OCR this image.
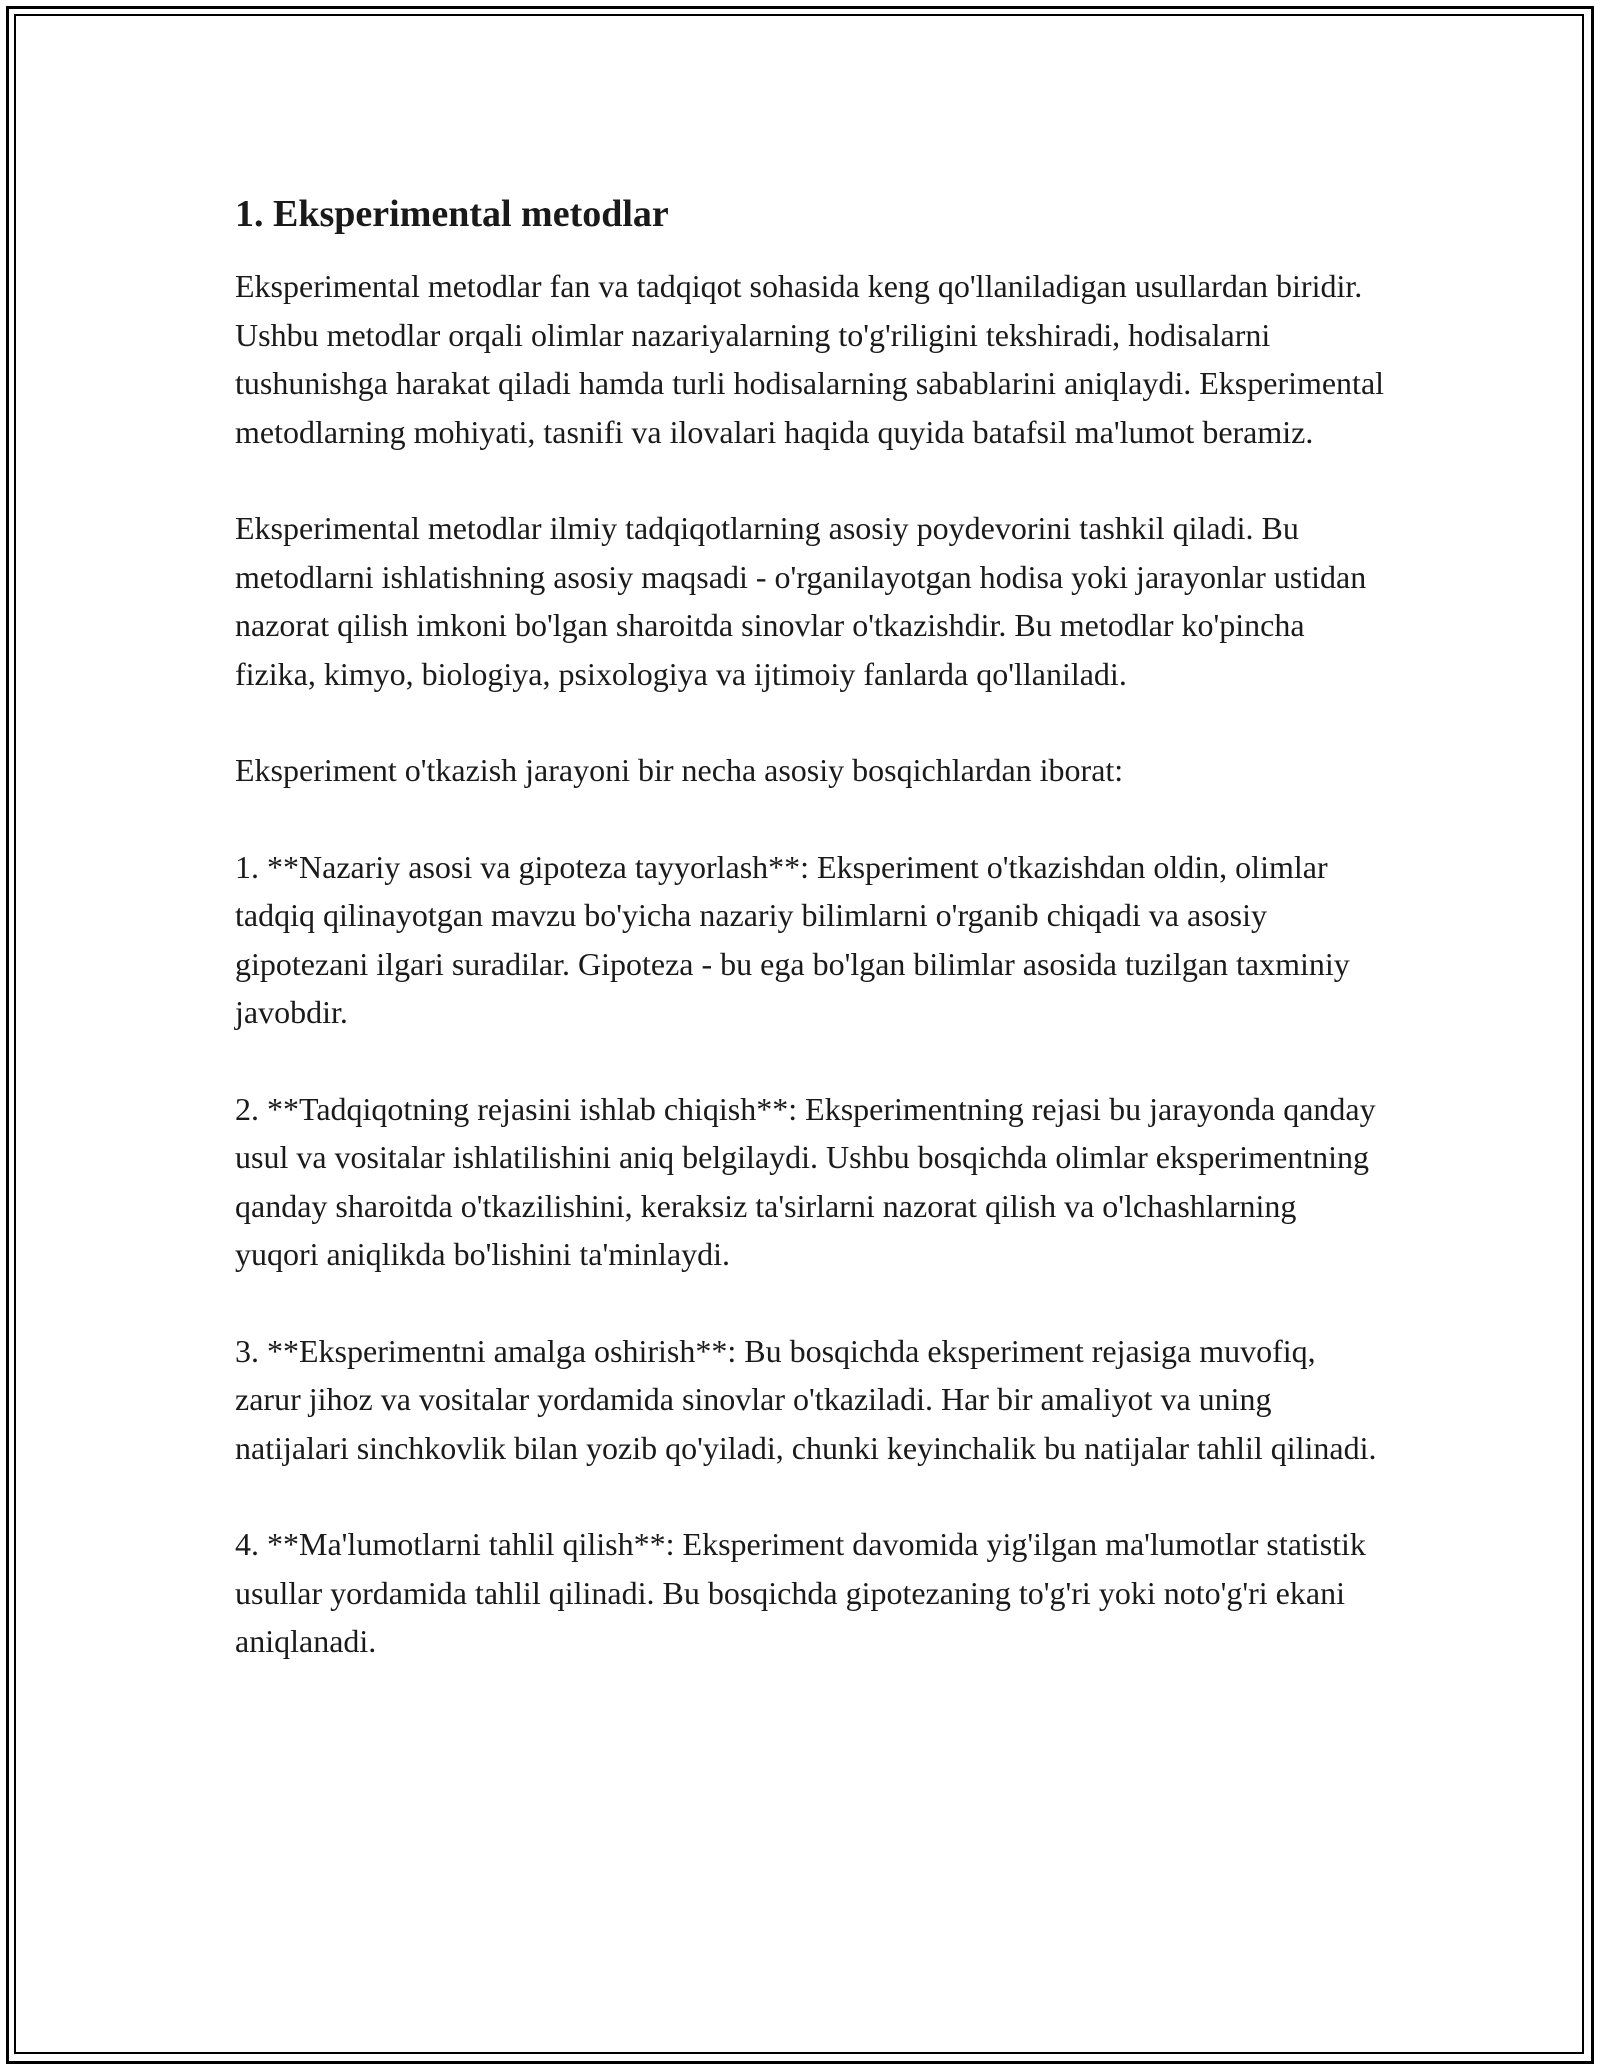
1. Eksperimental metodlar

Eksperimental metodlar fan va tadqiqot sohasida keng qo'llaniladigan usullardan biridir. Ushbu metodlar orqali olimlar nazariyalarning to'g'riligini tekshiradi, hodisalarni tushunishga harakat qiladi hamda turli hodisalarning sabablarini aniqlaydi. Eksperimental metodlarning mohiyati, tasnifi va ilovalari haqida quyida batafsil ma'lumot beramiz.

Eksperimental metodlar ilmiy tadqiqotlarning asosiy poydevorini tashkil qiladi. Bu metodlarni ishlatishning asosiy maqsadi - o'rganilayotgan hodisa yoki jarayonlar ustidan nazorat qilish imkoni bo'lgan sharoitda sinovlar o'tkazishdir. Bu metodlar ko'pincha fizika, kimyo, biologiya, psixologiya va ijtimoiy fanlarda qo'llaniladi.

Eksperiment o'tkazish jarayoni bir necha asosiy bosqichlardan iborat:

1. **Nazariy asosi va gipoteza tayyorlash**: Eksperiment o'tkazishdan oldin, olimlar tadqiq qilinayotgan mavzu bo'yicha nazariy bilimlarni o'rganib chiqadi va asosiy gipotezani ilgari suradilar. Gipoteza - bu ega bo'lgan bilimlar asosida tuzilgan taxminiy javobdir.

2. **Tadqiqotning rejasini ishlab chiqish**: Eksperimentning rejasi bu jarayonda qanday usul va vositalar ishlatilishini aniq belgilaydi. Ushbu bosqichda olimlar eksperimentning qanday sharoitda o'tkazilishini, keraksiz ta'sirlarni nazorat qilish va o'lchashlarning yuqori aniqlikda bo'lishini ta'minlaydi.

3. **Eksperimentni amalga oshirish**: Bu bosqichda eksperiment rejasiga muvofiq, zarur jihoz va vositalar yordamida sinovlar o'tkaziladi. Har bir amaliyot va uning natijalari sinchkovlik bilan yozib qo'yiladi, chunki keyinchalik bu natijalar tahlil qilinadi.

4. **Ma'lumotlarni tahlil qilish**: Eksperiment davomida yig'ilgan ma'lumotlar statistik usullar yordamida tahlil qilinadi. Bu bosqichda gipotezaning to'g'ri yoki noto'g'ri ekani aniqlanadi.
